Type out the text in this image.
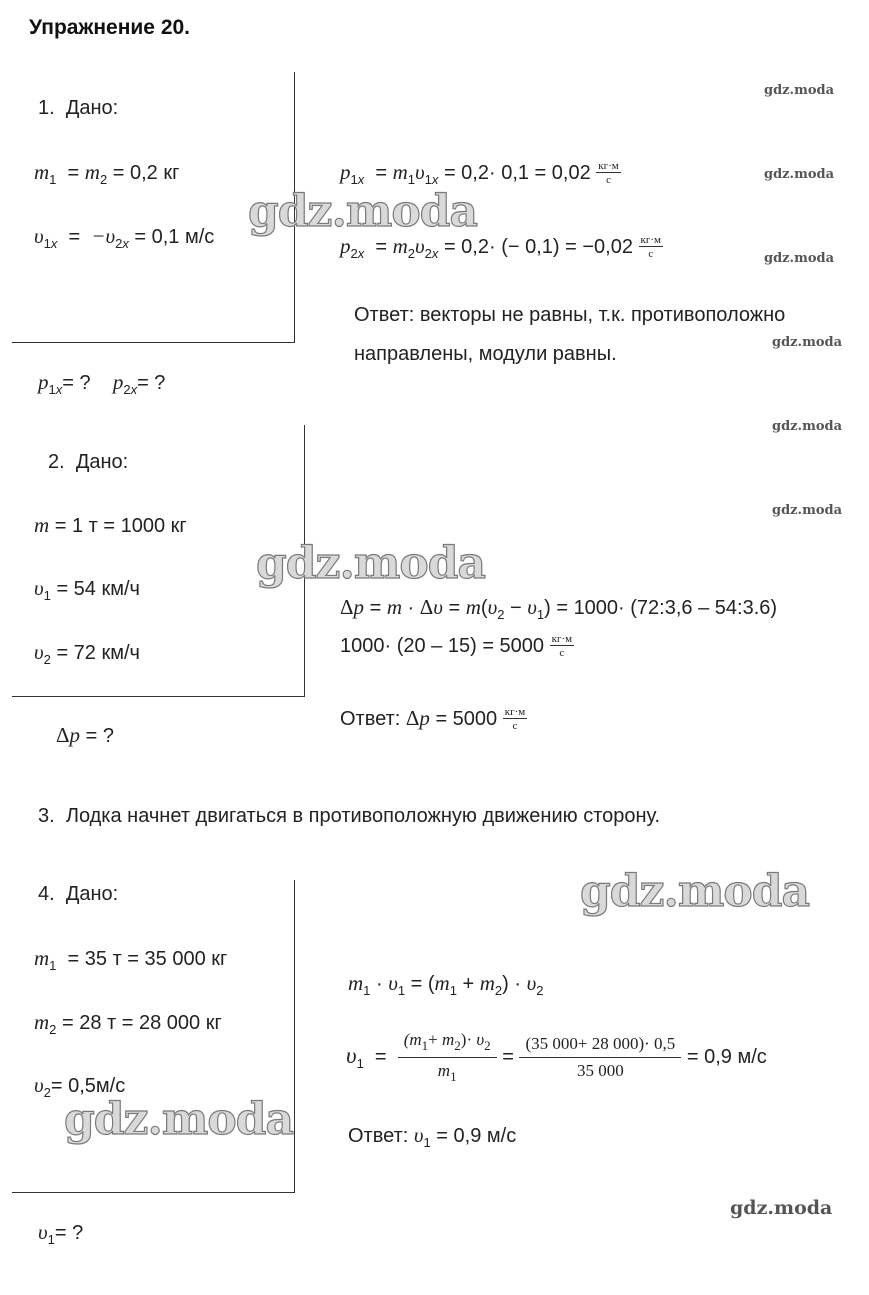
Упражнение 20.
1. Дано:
$m_1 = m_2 = 0,2$ кг
$\upsilon_{1x} = -\upsilon_{2x} = 0,1$ м/с
$p_{1x}=$ ? $p_{2x}=$ ?
$p_{1x} = m_1\upsilon_{1x} = 0,2\cdot 0,1 = 0,02 \frac{кг\cdot м}{с}$
$p_{2x} = m_2\upsilon_{2x} = 0,2\cdot$ (− $0,1) = -0,02 \frac{кг\cdot м}{с}$
Ответ: векторы не равны, т.к. противоположно
направлены, модули равны.
2. Дано:
m = 1 т = 1000 кг
$\upsilon_1 = 54$ км/ч
$\upsilon_2 = 72$ км/ч
Δp = ?
$\Delta p = m \cdot \Delta\upsilon = m(\upsilon_2 - \upsilon_1) = 1000\cdot$ (72:3,6 – 54:3.6)
$1000\cdot (20 - 15) = 5000 \frac{кг\cdot м}{с}$
Ответ: $\Delta p = 5000 \frac{кг\cdot м}{с}$
3. Лодка начнет двигаться в противоположную движению сторону.
4. Дано:
$m_1 = 35$ т = 35 000 кг
$m_2 = 28$ т = 28 000 кг
$\upsilon_2= 0,5м/с$
$\upsilon_1=$ ?
$m_1 \cdot \upsilon_1 = (m_1 + m_2) \cdot \upsilon_2$
$\upsilon_1 = \frac{(m_1+ m_2)\cdot \upsilon_2}{m_1} = \frac{(35 000+ 28 000)\cdot 0,5}{35 000} = 0,9$ м/с
Ответ: $\upsilon_1 = 0,9$ м/с
gdz.moda
gdz.moda
gdz.moda
gdz.moda
gdz.moda
gdz.moda
gdz.moda
gdz.moda
gdz.moda
gdz.moda
gdz.moda
